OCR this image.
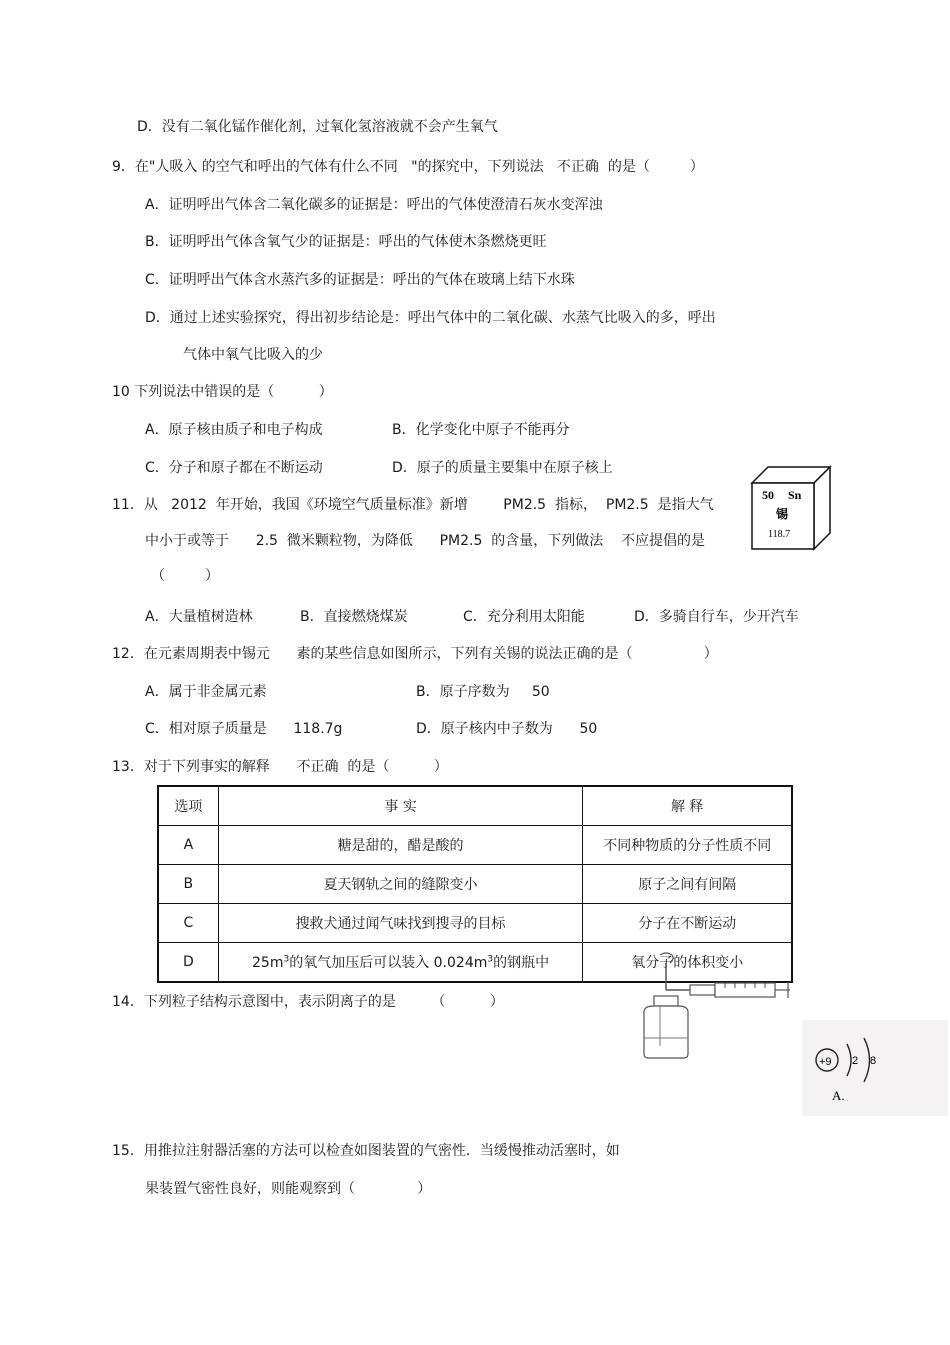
D．没有二氧化锰作催化剂，过氧化氢溶液就不会产生氧气
9．在"人吸入 的空气和呼出的气体有什么不同   "的探究中，下列说法   不正确  的是（         ）
A．证明呼出气体含二氧化碳多的证据是：呼出的气体使澄清石灰水变浑浊
B．证明呼出气体含氧气少的证据是：呼出的气体使木条燃烧更旺
C．证明呼出气体含水蒸汽多的证据是：呼出的气体在玻璃上结下水珠
D．通过上述实验探究，得出初步结论是：呼出气体中的二氧化碳、水蒸气比吸入的多，呼出
气体中氧气比吸入的少
10 下列说法中错误的是（          ）
A．原子核由质子和电子构成	B．化学变化中原子不能再分
C．分子和原子都在不断运动	D．原子的质量主要集中在原子核上
50 Sn
锡
118.7
11．从   2012  年开始，我国《环境空气质量标准》新增        PM2.5  指标，  PM2.5  是指大气
中小于或等于      2.5  微米颗粒物，为降低      PM2.5  的含量，下列做法    不应提倡的是
（         ）
A．大量植树造林	B．直接燃烧煤炭	C．充分利用太阳能	D．多骑自行车，少开汽车
12．在元素周期表中锡元      素的某些信息如图所示，下列有关锡的说法正确的是（                ）
A．属于非金属元素	B．原子序数为     50
C．相对原子质量是      118.7g	D．原子核内中子数为      50
13．对于下列事实的解释      不正确  的是（          ）
选项	事 实	解 释
A	糖是甜的，醋是酸的	不同种物质的分子性质不同
B	夏天钢轨之间的缝隙变小	原子之间有间隔
C	搜救犬通过闻气味找到搜寻的目标	分子在不断运动
D	$25m^3$的氧气加压后可以装入 $0.024m^3$的钢瓶中	氧分子的体积变小
14．下列粒子结构示意图中，表示阴离子的是        （          ）
+9 2 8
A.
15．用推拉注射器活塞的方法可以检查如图装置的气密性．当缓慢推动活塞时，如
果装置气密性良好，则能观察到（              ）
